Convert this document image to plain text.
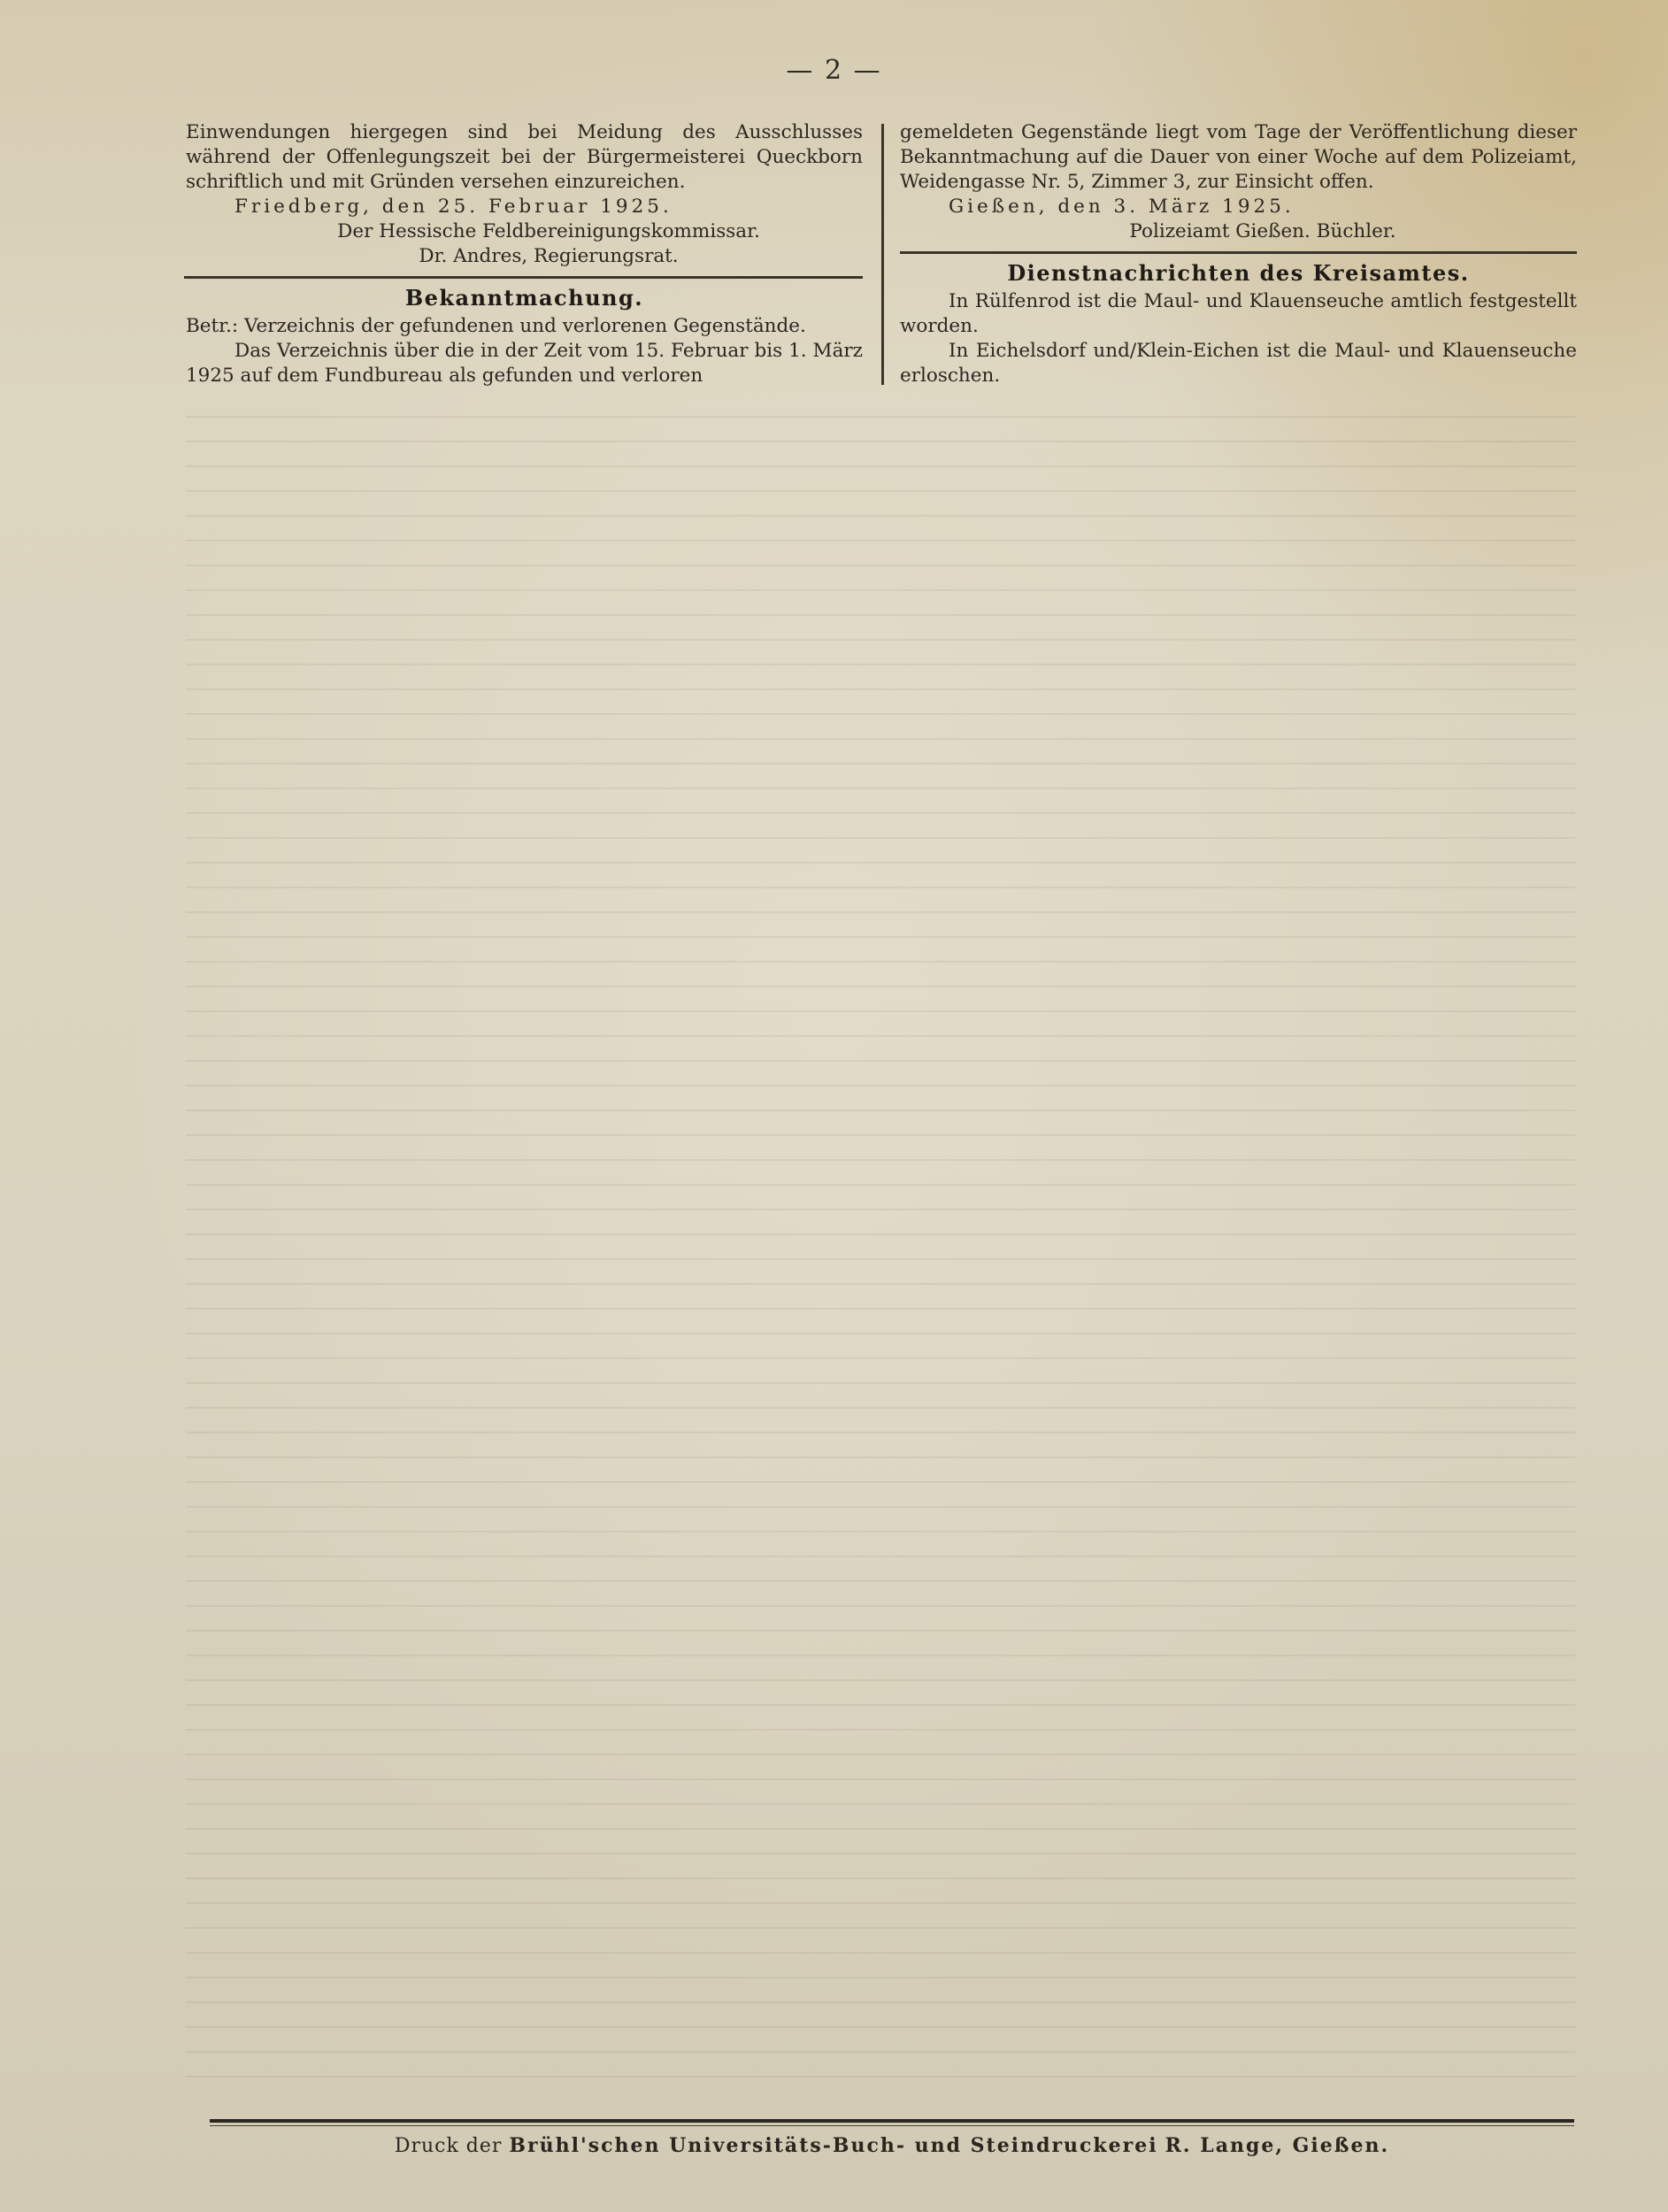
— 2 —

Einwendungen hiergegen sind bei Meidung des Ausschlusses während der Offenlegungszeit bei der Bürgermeisterei Queckborn schriftlich und mit Gründen versehen einzureichen.

Friedberg, den 25. Februar 1925.

Der Hessische Feldbereinigungskommissar.

Dr. Andres, Regierungsrat.

Bekanntmachung.

Betr.: Verzeichnis der gefundenen und verlorenen Gegenstände.

Das Verzeichnis über die in der Zeit vom 15. Februar bis 1. März 1925 auf dem Fundbureau als gefunden und verloren

gemeldeten Gegenstände liegt vom Tage der Veröffentlichung dieser Bekanntmachung auf die Dauer von einer Woche auf dem Polizeiamt, Weidengasse Nr. 5, Zimmer 3, zur Einsicht offen.

Gießen, den 3. März 1925.

Polizeiamt Gießen. Büchler.

Dienstnachrichten des Kreisamtes.

In Rülfenrod ist die Maul- und Klauenseuche amtlich festgestellt worden.

In Eichelsdorf und/Klein-Eichen ist die Maul- und Klauenseuche erloschen.

Druck der Brühl'schen Universitäts-Buch- und Steindruckerei R. Lange, Gießen.
